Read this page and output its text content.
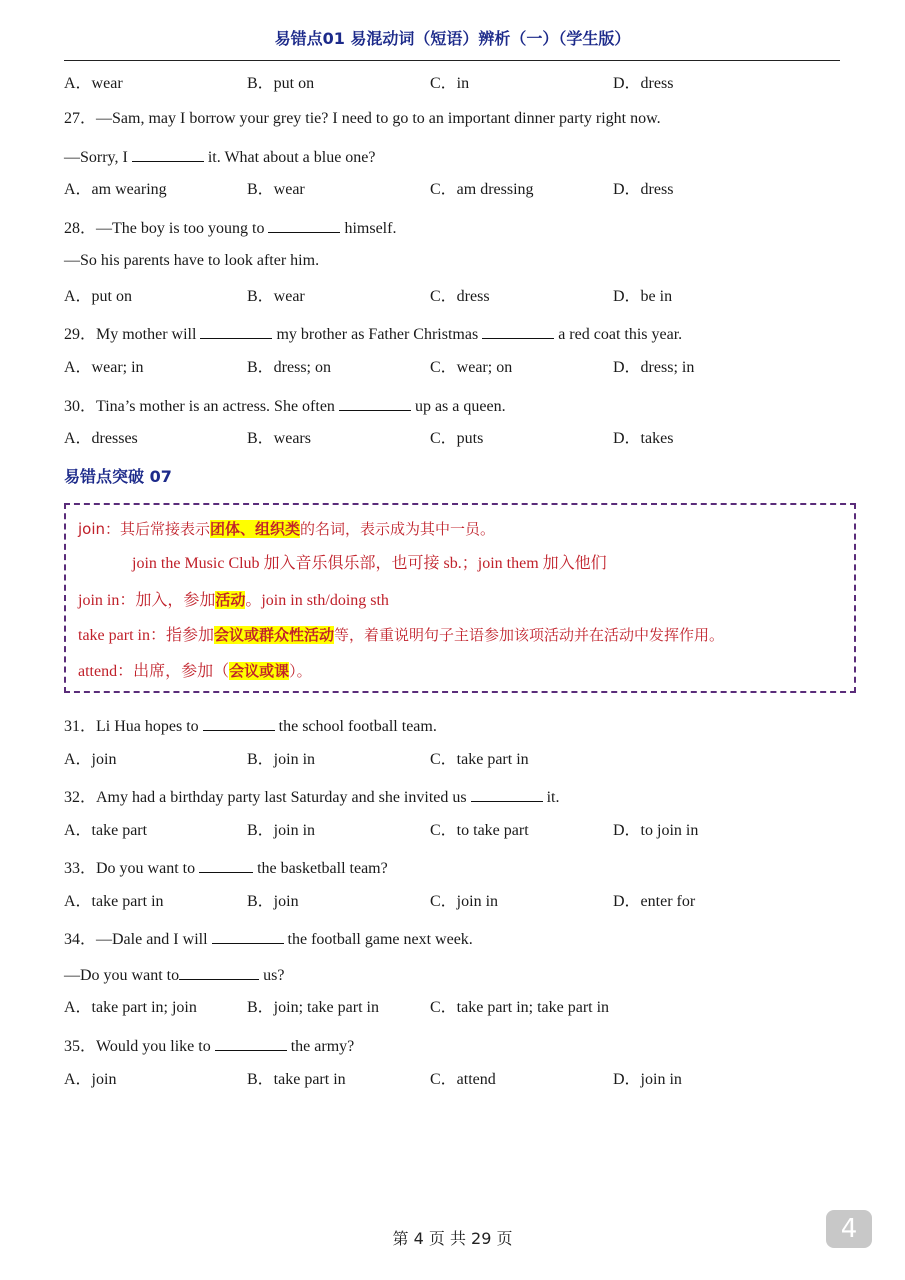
易错点01 易混动词（短语）辨析（一）（学生版）
A．wear	B．put on	C．in	D．dress
27．—Sam, may I borrow your grey tie? I need to go to an important dinner party right now.
—Sorry, I	it. What about a blue one?
A．am wearing	B．wear	C．am dressing	D．dress
28．—The boy is too young to	himself.
—So his parents have to look after him.
A．put on	B．wear	C．dress	D．be in
29．My mother will	my brother as Father Christmas	a red coat this year.
A．wear; in	B．dress; on	C．wear; on	D．dress; in
30．Tina’s mother is an actress. She often	up as a queen.
A．dresses	B．wears	C．puts	D．takes
易错点突破 07
join：其后常接表示团体、组织类的名词，表示成为其中一员。
join the Music Club 加入音乐俱乐部，也可接 sb.；join them 加入他们
join in：加入，参加活动。join in sth/doing sth
take part in：指参加会议或群众性活动等，着重说明句子主语参加该项活动并在活动中发挥作用。
attend：出席，参加（会议或课）。
31．Li Hua hopes to	the school football team.
A．join	B．join in	C．take part in
32．Amy had a birthday party last Saturday and she invited us	it.
A．take part	B．join in	C．to take part	D．to join in
33．Do you want to	the basketball team?
A．take part in	B．join	C．join in	D．enter for
34．—Dale and I will	the football game next week.
—Do you want to	us?
A．take part in; join	B．join; take part in	C．take part in; take part in
35．Would you like to	the army?
A．join	B．take part in	C．attend	D．join in
第 4 页 共 29 页	4
